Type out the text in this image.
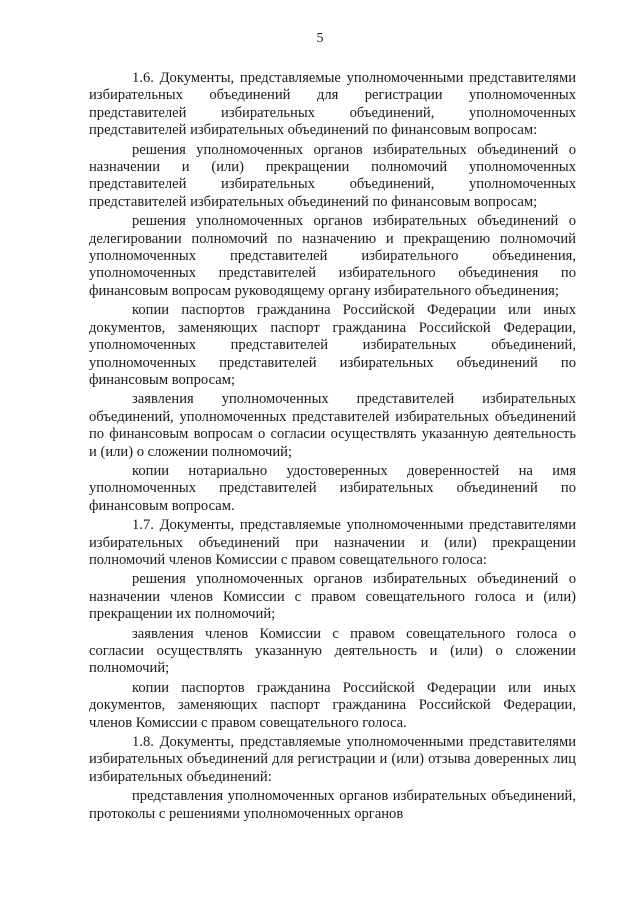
5

1.6. Документы, представляемые уполномоченными представителями избирательных объединений для регистрации уполномоченных представителей избирательных объединений, уполномоченных представителей избирательных объединений по финансовым вопросам:

решения уполномоченных органов избирательных объединений о назначении и (или) прекращении полномочий уполномоченных представителей избирательных объединений, уполномоченных представителей избирательных объединений по финансовым вопросам;

решения уполномоченных органов избирательных объединений о делегировании полномочий по назначению и прекращению полномочий уполномоченных представителей избирательного объединения, уполномоченных представителей избирательного объединения по финансовым вопросам руководящему органу избирательного объединения;

копии паспортов гражданина Российской Федерации или иных документов, заменяющих паспорт гражданина Российской Федерации, уполномоченных представителей избирательных объединений, уполномоченных представителей избирательных объединений по финансовым вопросам;

заявления уполномоченных представителей избирательных объединений, уполномоченных представителей избирательных объединений по финансовым вопросам о согласии осуществлять указанную деятельность и (или) о сложении полномочий;

копии нотариально удостоверенных доверенностей на имя уполномоченных представителей избирательных объединений по финансовым вопросам.

1.7. Документы, представляемые уполномоченными представителями избирательных объединений при назначении и (или) прекращении полномочий членов Комиссии с правом совещательного голоса:

решения уполномоченных органов избирательных объединений о назначении членов Комиссии с правом совещательного голоса и (или) прекращении их полномочий;

заявления членов Комиссии с правом совещательного голоса о согласии осуществлять указанную деятельность и (или) о сложении полномочий;

копии паспортов гражданина Российской Федерации или иных документов, заменяющих паспорт гражданина Российской Федерации, членов Комиссии с правом совещательного голоса.

1.8. Документы, представляемые уполномоченными представителями избирательных объединений для регистрации и (или) отзыва доверенных лиц избирательных объединений:

представления уполномоченных органов избирательных объединений, протоколы с решениями уполномоченных органов
